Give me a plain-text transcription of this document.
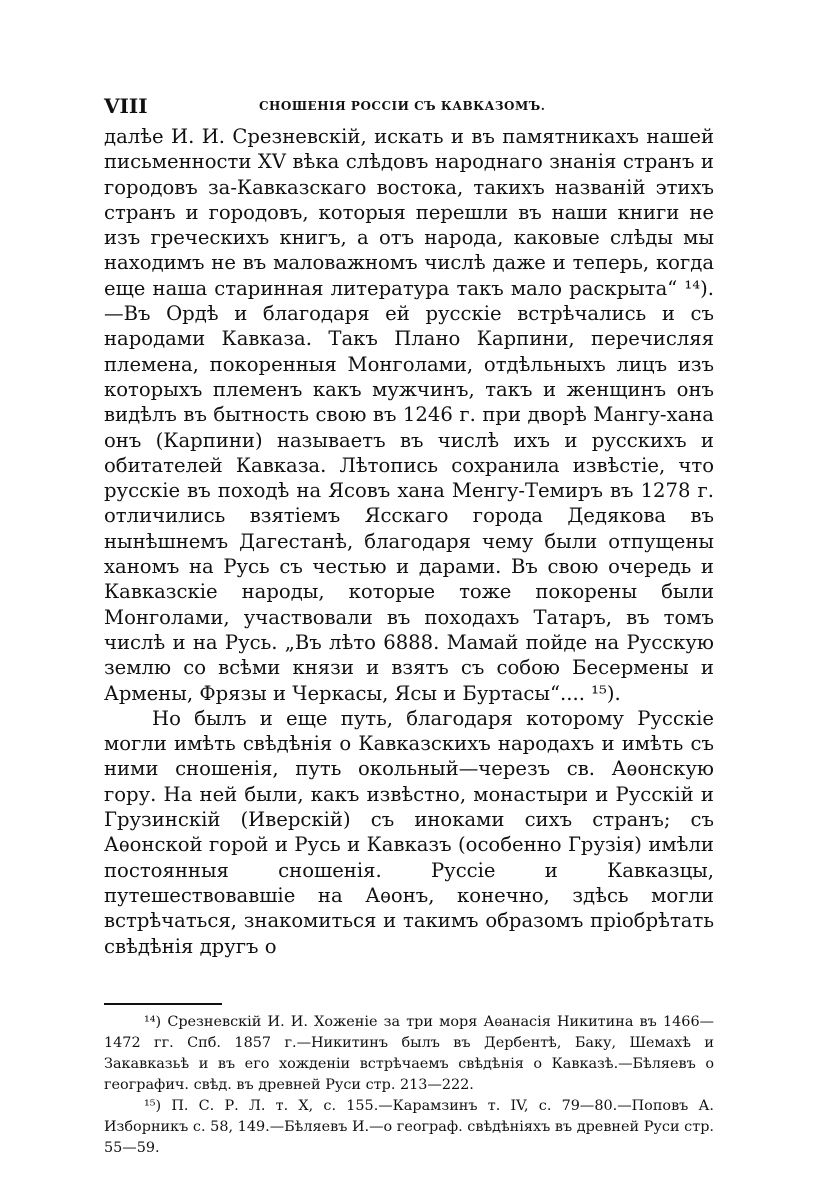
VIII	СНОШЕНІЯ РОССІИ СЪ КАВКАЗОМЪ.

далѣе И. И. Срезневскій, искать и въ памятникахъ нашей письменности XV вѣка слѣдовъ народнаго знанія странъ и городовъ за-Кавказскаго востока, такихъ названій этихъ странъ и городовъ, которыя перешли въ наши книги не изъ греческихъ книгъ, а отъ народа, каковые слѣды мы находимъ не въ маловажномъ числѣ даже и теперь, когда еще наша старинная литература такъ мало раскрыта“ ¹⁴).—Въ Ордѣ и благодаря ей русскіе встрѣчались и съ народами Кавказа. Такъ Плано Карпини, перечисляя племена, покоренныя Монголами, отдѣльныхъ лицъ изъ которыхъ племенъ какъ мужчинъ, такъ и женщинъ онъ видѣлъ въ бытность свою въ 1246 г. при дворѣ Мангу-хана онъ (Карпини) называетъ въ числѣ ихъ и русскихъ и обитателей Кавказа. Лѣтопись сохранила извѣстіе, что русскіе въ походѣ на Ясовъ хана Менгу-Темиръ въ 1278 г. отличились взятіемъ Ясскаго города Дедякова въ нынѣшнемъ Дагестанѣ, благодаря чему были отпущены ханомъ на Русь съ честью и дарами. Въ свою очередь и Кавказскіе народы, которые тоже покорены были Монголами, участвовали въ походахъ Татаръ, въ томъ числѣ и на Русь. „Въ лѣто 6888. Мамай пойде на Русскую землю со всѣми князи и взятъ съ собою Бесермены и Армены, Фрязы и Черкасы, Ясы и Буртасы“.... ¹⁵).

Но былъ и еще путь, благодаря которому Русскіе могли имѣть свѣдѣнія о Кавказскихъ народахъ и имѣть съ ними сношенія, путь окольный—черезъ св. Аѳонскую гору. На ней были, какъ извѣстно, монастыри и Русскій и Грузинскій (Иверскій) съ иноками сихъ странъ; съ Аѳонской горой и Русь и Кавказъ (особенно Грузія) имѣли постоянныя сношенія. Руссіе и Кавказцы, путешествовавшіе на Аѳонъ, конечно, здѣсь могли встрѣчаться, знакомиться и такимъ образомъ пріобрѣтать свѣдѣнія другъ о

¹⁴) Срезневскій И. И. Хоженіе за три моря Аѳанасія Никитина въ 1466—1472 гг. Спб. 1857 г.—Никитинъ былъ въ Дербентѣ, Баку, Шемахѣ и Закавказьѣ и въ его хожденіи встрѣчаемъ свѣдѣнія о Кавказѣ.—Бѣляевъ о географич. свѣд. въ древней Руси стр. 213—222.

¹⁵) П. С. Р. Л. т. X, с. 155.—Карамзинъ т. IV, с. 79—80.—Поповъ А. Изборникъ с. 58, 149.—Бѣляевъ И.—о географ. свѣдѣніяхъ въ древней Руси стр. 55—59.
